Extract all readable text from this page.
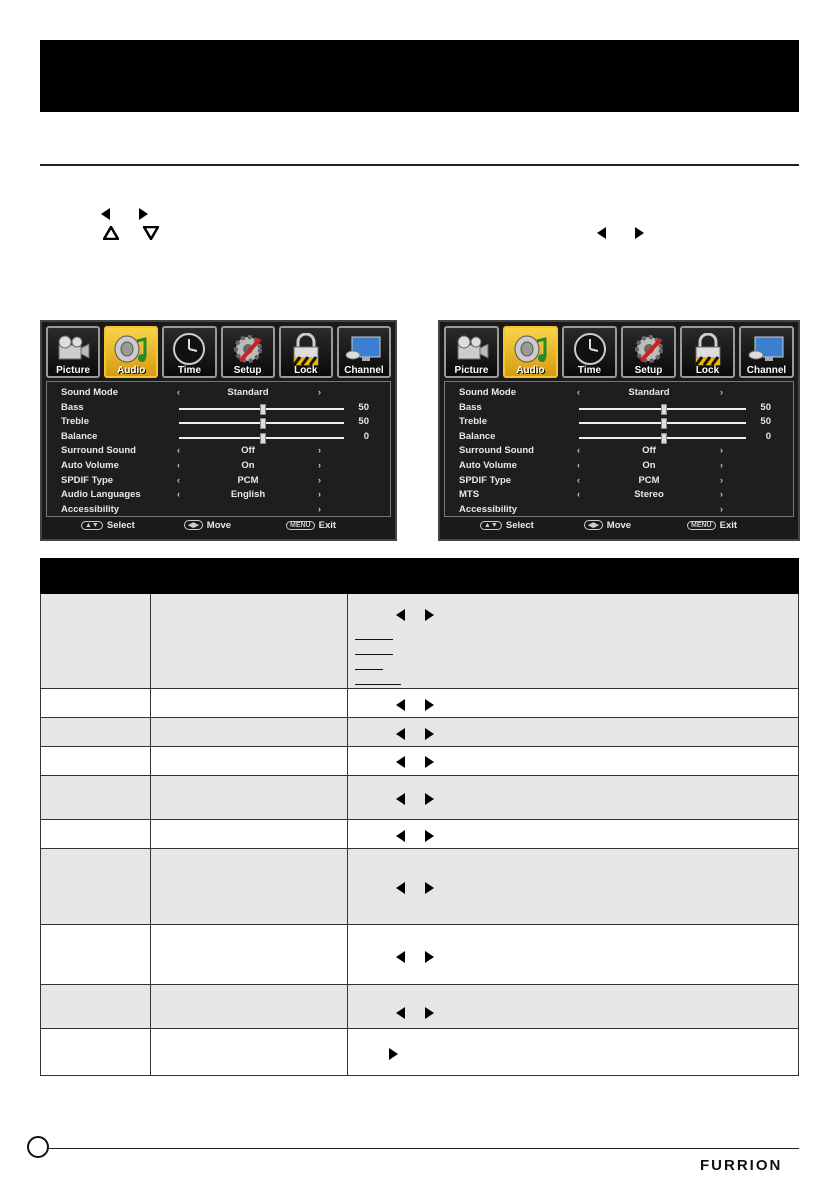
Picture	Audio	Time	Setup	Lock	Channel
Sound Mode	‹	Standard	›
Bass	50
Treble	50
Balance	0
Surround Sound	‹	Off	›
Auto Volume	‹	On	›
SPDIF Type	‹	PCM	›
Audio Languages	‹	English	›
Accessibility	›
▲▼ Select	◀▶ Move	MENU Exit
Picture	Audio	Time	Setup	Lock	Channel
Sound Mode	‹	Standard	›
Bass	50
Treble	50
Balance	0
Surround Sound	‹	Off	›
Auto Volume	‹	On	›
SPDIF Type	‹	PCM	›
MTS	‹	Stereo	›
Accessibility	›
▲▼ Select	◀▶ Move	MENU Exit
FURRION
